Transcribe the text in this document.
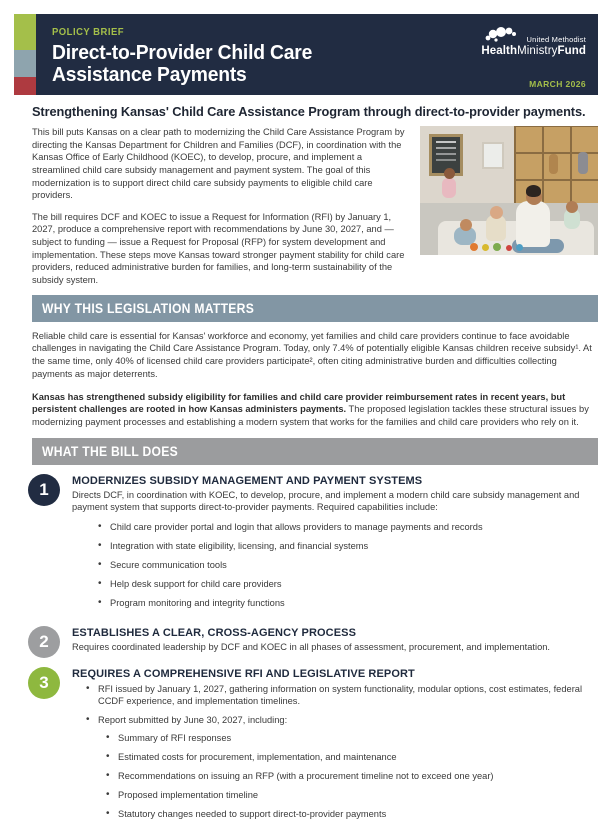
POLICY BRIEF
Direct-to-Provider Child Care Assistance Payments
United Methodist
HealthMinistryFund
MARCH 2026
Strengthening Kansas' Child Care Assistance Program through direct-to-provider payments.

This bill puts Kansas on a clear path to modernizing the Child Care Assistance Program by directing the Kansas Department for Children and Families (DCF), in coordination with the Kansas Office of Early Childhood (KOEC), to develop, procure, and implement a streamlined child care subsidy management and payment system. The goal of this modernization is to support direct child care subsidy payments to eligible child care providers.

The bill requires DCF and KOEC to issue a Request for Information (RFI) by January 1, 2027, produce a comprehensive report with recommendations by June 30, 2027, and — subject to funding — issue a Request for Proposal (RFP) for system development and implementation. These steps move Kansas toward stronger payment stability for child care providers, reduced administrative burden for families, and long-term sustainability of the subsidy system.

WHY THIS LEGISLATION MATTERS
Reliable child care is essential for Kansas' workforce and economy, yet families and child care providers continue to face avoidable challenges in navigating the Child Care Assistance Program. Today, only 7.4% of potentially eligible Kansas children receive subsidy¹. At the same time, only 40% of licensed child care providers participate², often citing administrative burden and difficulties collecting payments as major deterrents.
Kansas has strengthened subsidy eligibility for families and child care provider reimbursement rates in recent years, but persistent challenges are rooted in how Kansas administers payments. The proposed legislation tackles these structural issues by modernizing payment processes and establishing a modern system that works for the families and child care providers who rely on it.
WHAT THE BILL DOES
1	MODERNIZES SUBSIDY MANAGEMENT AND PAYMENT SYSTEMS
Directs DCF, in coordination with KOEC, to develop, procure, and implement a modern child care subsidy management and payment system that supports direct-to-provider payments. Required capabilities include:
• Child care provider portal and login that allows providers to manage payments and records
• Integration with state eligibility, licensing, and financial systems
• Secure communication tools
• Help desk support for child care providers
• Program monitoring and integrity functions
2	ESTABLISHES A CLEAR, CROSS-AGENCY PROCESS
Requires coordinated leadership by DCF and KOEC in all phases of assessment, procurement, and implementation.
3	REQUIRES A COMPREHENSIVE RFI AND LEGISLATIVE REPORT
• RFI issued by January 1, 2027, gathering information on system functionality, modular options, cost estimates, federal CCDF experience, and implementation timelines.
• Report submitted by June 30, 2027, including:
• Summary of RFI responses
• Estimated costs for procurement, implementation, and maintenance
• Recommendations on issuing an RFP (with a procurement timeline not to exceed one year)
• Proposed implementation timeline
• Statutory changes needed to support direct-to-provider payments
